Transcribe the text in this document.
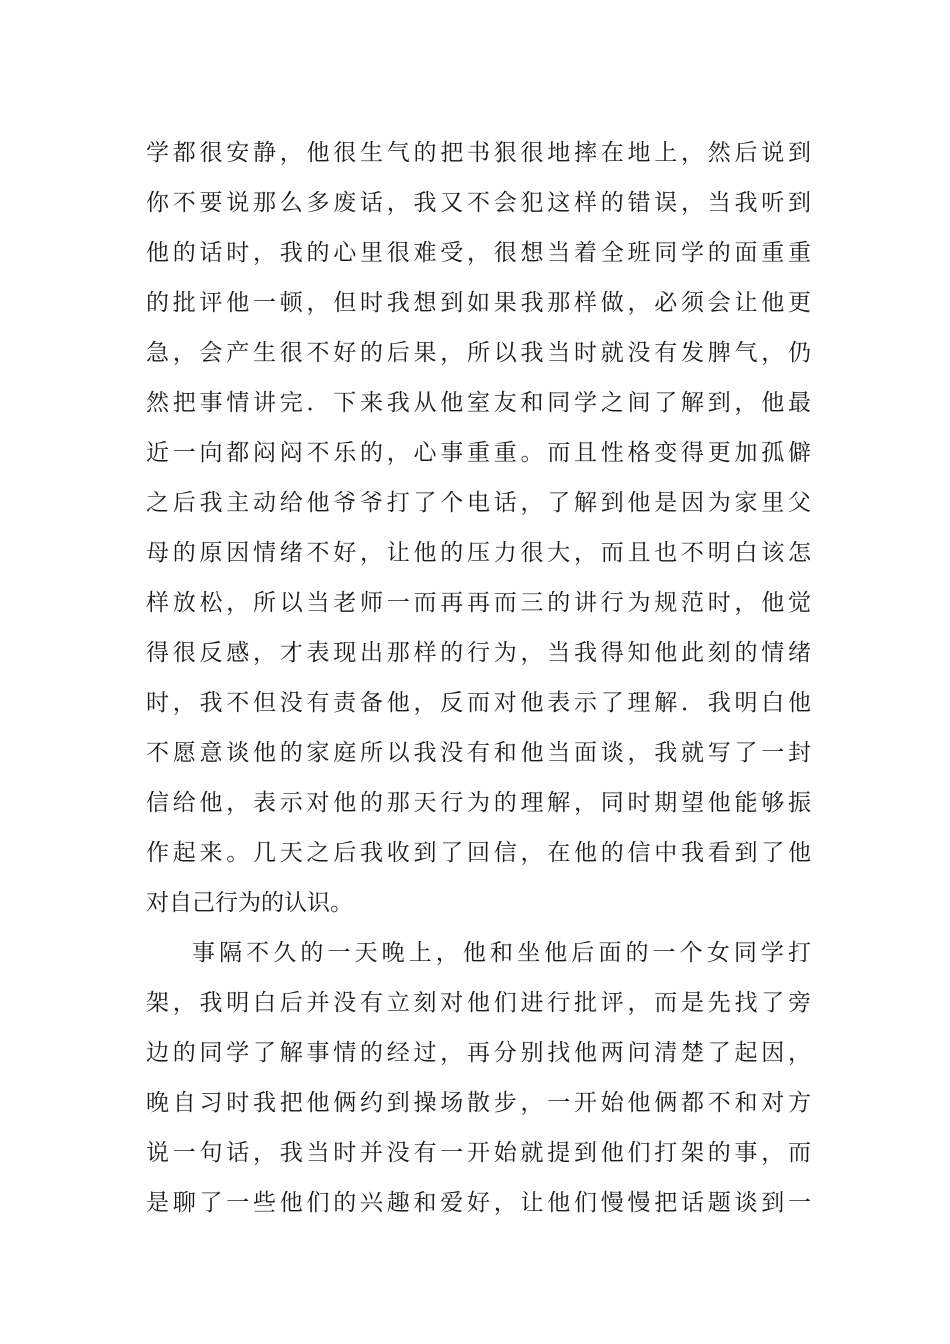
学都很安静，他很生气的把书狠很地摔在地上，然后说到
你不要说那么多废话，我又不会犯这样的错误，当我听到
他的话时，我的心里很难受，很想当着全班同学的面重重
的批评他一顿，但时我想到如果我那样做，必须会让他更
急，会产生很不好的后果，所以我当时就没有发脾气，仍
然把事情讲完．下来我从他室友和同学之间了解到，他最
近一向都闷闷不乐的，心事重重。而且性格变得更加孤僻
之后我主动给他爷爷打了个电话，了解到他是因为家里父
母的原因情绪不好，让他的压力很大，而且也不明白该怎
样放松，所以当老师一而再再而三的讲行为规范时，他觉
得很反感，才表现出那样的行为，当我得知他此刻的情绪
时，我不但没有责备他，反而对他表示了理解．我明白他
不愿意谈他的家庭所以我没有和他当面谈，我就写了一封
信给他，表示对他的那天行为的理解，同时期望他能够振
作起来。几天之后我收到了回信，在他的信中我看到了他
对自己行为的认识。
事隔不久的一天晚上，他和坐他后面的一个女同学打
架，我明白后并没有立刻对他们进行批评，而是先找了旁
边的同学了解事情的经过，再分别找他两问清楚了起因，
晚自习时我把他俩约到操场散步，一开始他俩都不和对方
说一句话，我当时并没有一开始就提到他们打架的事，而
是聊了一些他们的兴趣和爱好，让他们慢慢把话题谈到一
